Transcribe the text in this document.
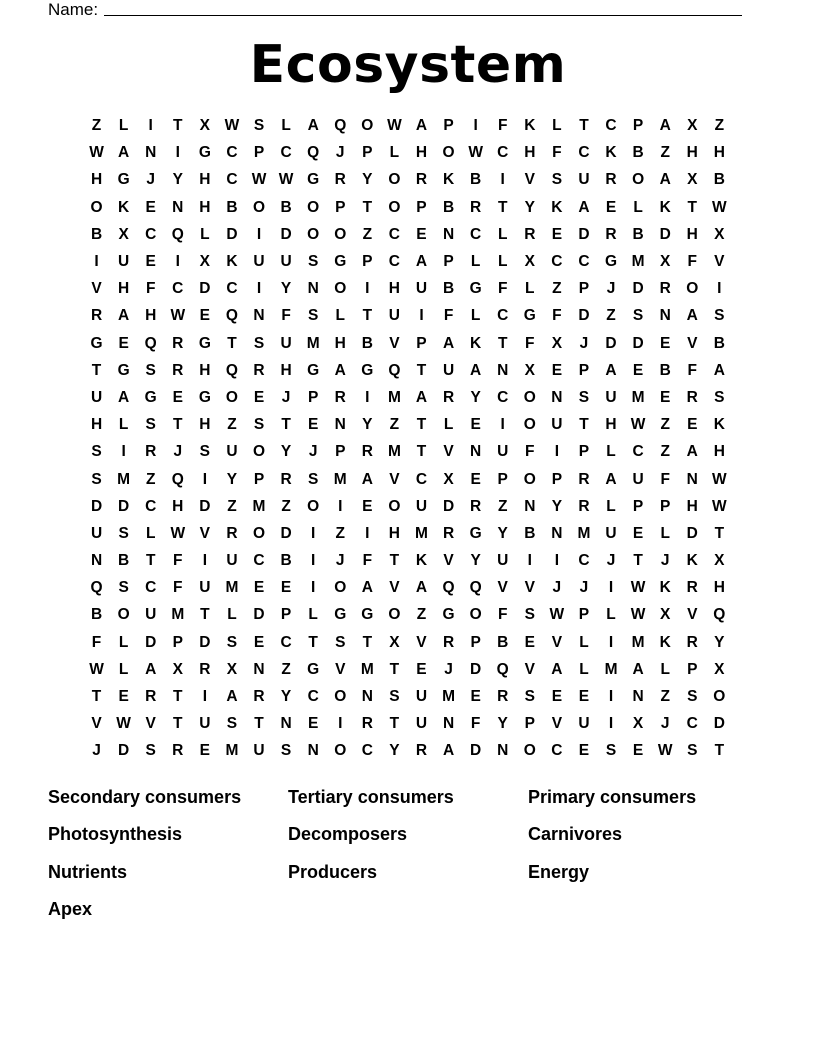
Name:
Ecosystem
Z	L	I	T	X W S	L	A Q O W A	P	I	F	K	L	T	C	P	A	X	Z
W A	N	I	G C	P	C Q	J	P	L	H O W C	H	F	C	K	B	Z	H	H
H G	J	Y	H	C W W G R	Y	O R	K	B	I	V	S	U	R O A	X	B
O K	E	N	H	B O B O	P	T	O	P	B	R	T	Y	K	A	E	L	K	T W
B	X	C Q	L	D	I	D O O	Z	C	E	N	C	L	R	E	D	R	B	D	H	X
I	U	E	I	X	K	U	U	S	G	P	C	A	P	L	L	X	C	C G M X	F	V
V	H	F	C	D	C	I	Y	N O	I	H	U	B G	F	L	Z	P	J	D	R O	I
R	A	H W E	Q N	F	S	L	T	U	I	F	L	C G	F	D	Z	S	N	A	S
G	E	Q R G	T	S	U M H	B	V	P	A	K	T	F	X	J	D	D	E	V	B
T	G	S	R	H Q R	H G A G Q	T	U	A	N	X	E	P	A	E	B	F	A
U	A G	E	G O	E	J	P	R	I	M A	R	Y	C O N	S	U M E	R	S
H	L	S	T	H	Z	S	T	E	N	Y	Z	T	L	E	I	O U	T	H W Z	E	K
S	I	R	J	S	U O	Y	J	P	R M	T	V	N	U	F	I	P	L	C	Z	A	H
S M	Z	Q	I	Y	P	R	S M A	V	C	X	E	P	O	P	R	A	U	F	N W
D	D	C	H	D	Z	M	Z	O	I	E	O U	D	R	Z	N	Y	R	L	P	P	H W
U	S	L W V	R O D	I	Z	I	H M R G	Y	B	N M U	E	L	D	T
N	B	T	F	I	U	C	B	I	J	F	T	K	V	Y	U	I	I	C	J	T	J	K	X
Q	S	C	F	U M E	E	I	O A	V	A Q Q	V	V	J	J	I	W K	R	H
B O U M	T	L	D	P	L	G G O	Z	G O	F	S W P	L W X	V	Q
F	L	D	P	D	S	E	C	T	S	T	X	V	R	P	B	E	V	L	I	M K	R	Y
W L	A	X	R	X	N	Z	G	V M	T	E	J	D Q	V	A	L	M A	L	P	X
T	E	R	T	I	A	R	Y	C O N	S	U M E	R	S	E	E	I	N	Z	S	O
V W V	T	U	S	T	N	E	I	R	T	U	N	F	Y	P	V	U	I	X	J	C	D
J	D	S	R	E M U	S	N O C	Y	R	A	D	N O C	E	S	E W S	T
Secondary consumers	Tertiary consumers	Primary consumers
Photosynthesis	Decomposers	Carnivores
Nutrients	Producers	Energy
Apex
